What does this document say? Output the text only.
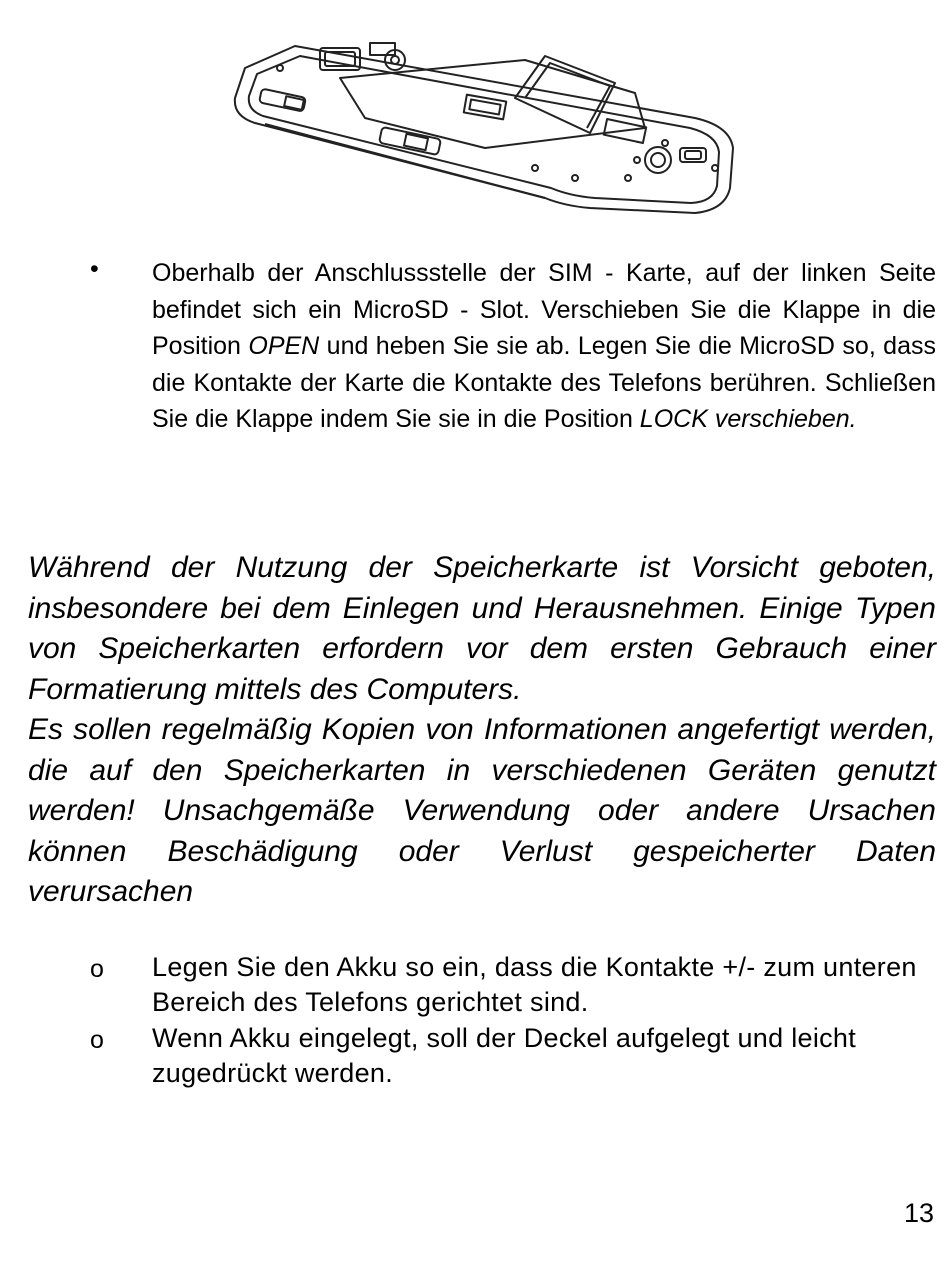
• Oberhalb der Anschlussstelle der SIM - Karte, auf der linken Seite befindet sich ein MicroSD - Slot. Verschieben Sie die Klappe in die Position OPEN und heben Sie sie ab. Legen Sie die MicroSD so, dass die Kontakte der Karte die Kontakte des Telefons berühren. Schließen Sie die Klappe indem Sie sie in die Position LOCK verschieben.

Während der Nutzung der Speicherkarte ist Vorsicht geboten, insbesondere bei dem Einlegen und Herausnehmen. Einige Typen von Speicherkarten erfordern vor dem ersten Gebrauch einer Formatierung mittels des Computers.

Es sollen regelmäßig Kopien von Informationen angefertigt werden, die auf den Speicherkarten in verschiedenen Geräten genutzt werden! Unsachgemäße Verwendung oder andere Ursachen können Beschädigung oder Verlust gespeicherter Daten verursachen

o Legen Sie den Akku so ein, dass die Kontakte +/- zum unteren Bereich des Telefons gerichtet sind.

o Wenn Akku eingelegt, soll der Deckel aufgelegt und leicht zugedrückt werden.

13
